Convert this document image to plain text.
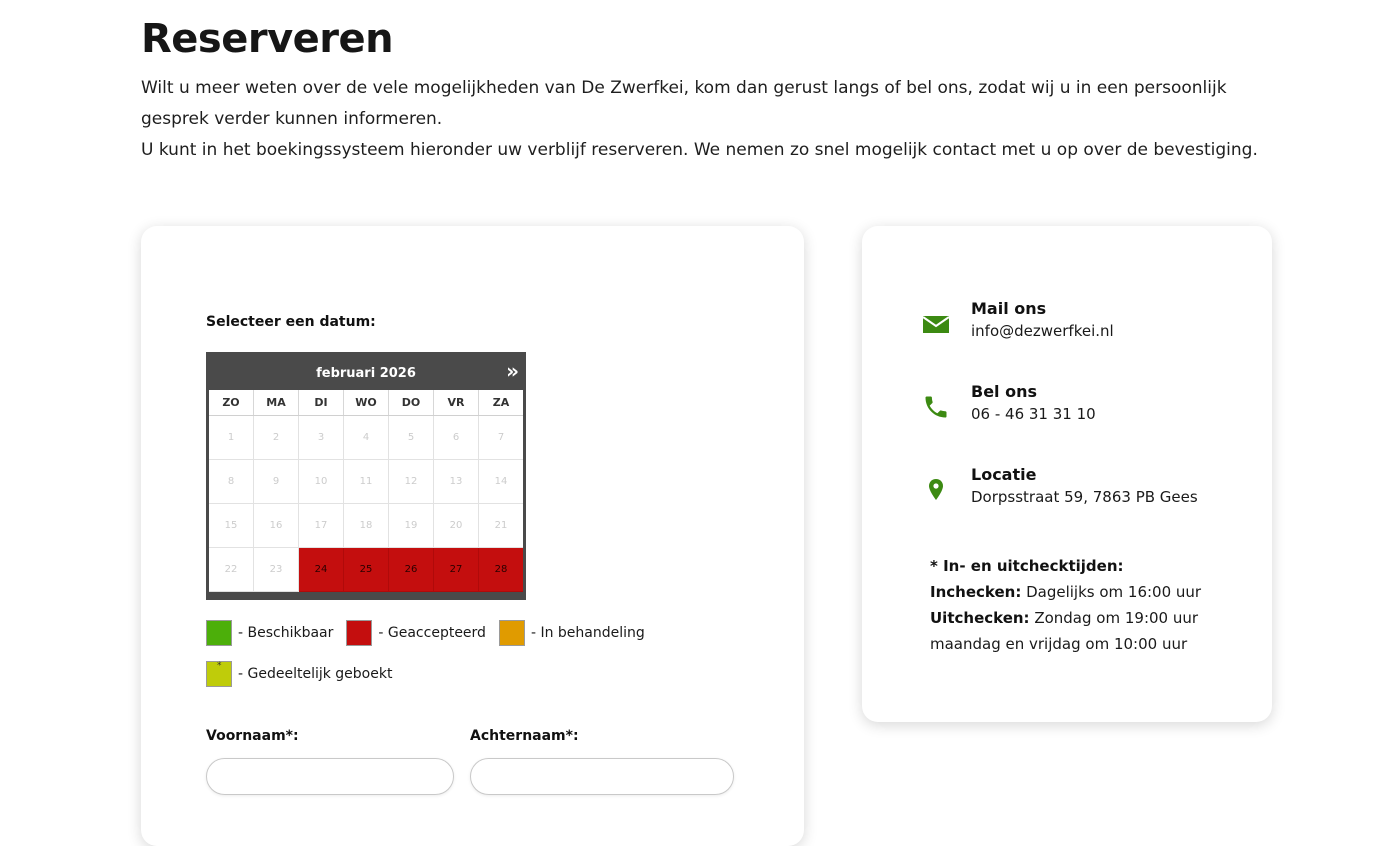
Reserveren

Wilt u meer weten over de vele mogelijkheden van De Zwerfkei, kom dan gerust langs of bel ons, zodat wij u in een persoonlijk gesprek verder kunnen informeren.

U kunt in het boekingssysteem hieronder uw verblijf reserveren. We nemen zo snel mogelijk contact met u op over de bevestiging.

Selecteer een datum:
februari 2026	»
ZO	MA	DI	WO	DO	VR	ZA
1	2	3	4	5	6	7
8	9	10	11	12	13	14
15	16	17	18	19	20	21
22	23	24	25	26	27	28
- Beschikbaar	- Geaccepteerd	- In behandeling
* - Gedeeltelijk geboekt
Voornaam*:	Achternaam*:
Mail ons
info@dezwerfkei.nl
Bel ons
06 - 46 31 31 10
Locatie
Dorpsstraat 59, 7863 PB Gees
* In- en uitchecktijden:
Inchecken: Dagelijks om 16:00 uur
Uitchecken: Zondag om 19:00 uur
maandag en vrijdag om 10:00 uur
